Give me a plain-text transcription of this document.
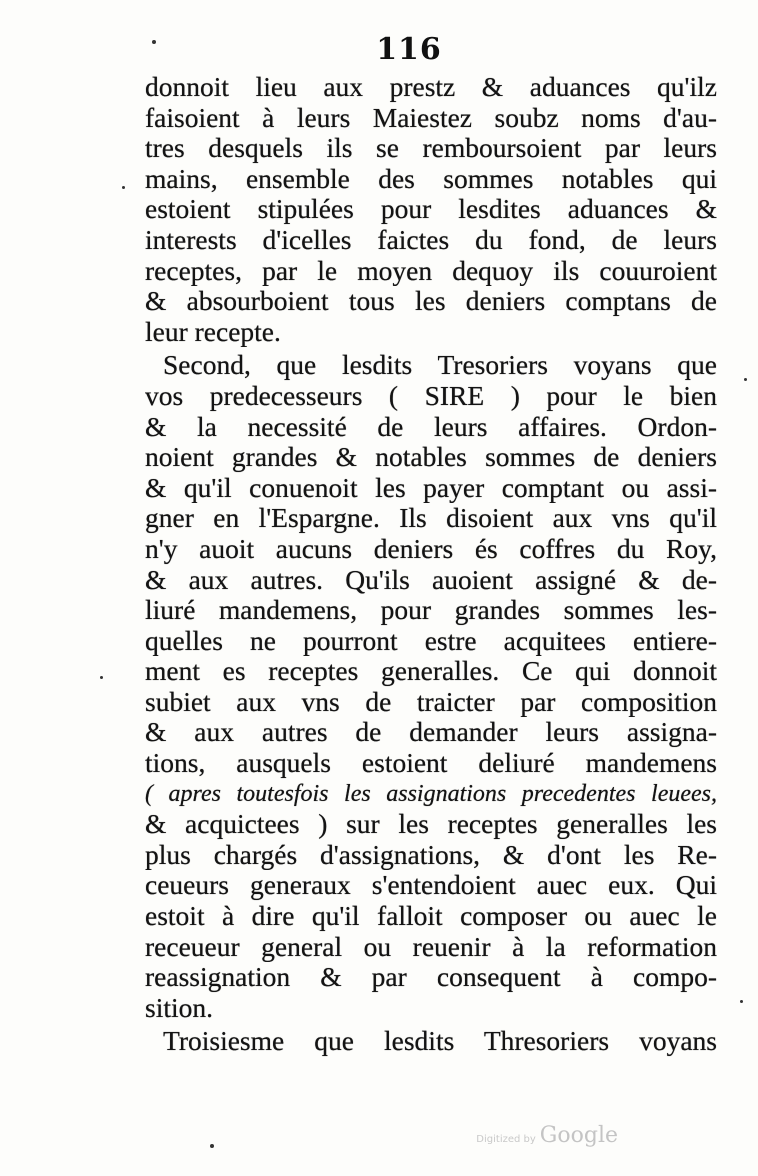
116
donnoit lieu aux prestz & aduances qu'ilz
faisoient à leurs Maiestez soubz noms d'au-
tres desquels ils se remboursoient par leurs
mains, ensemble des sommes notables qui
estoient stipulées pour lesdites aduances &
interests d'icelles faictes du fond, de leurs
receptes, par le moyen dequoy ils couuroient
& absourboient tous les deniers comptans de
leur recepte.
Second, que lesdits Tresoriers voyans que
vos predecesseurs ( SIRE ) pour le bien
& la necessité de leurs affaires. Ordon-
noient grandes & notables sommes de deniers
& qu'il conuenoit les payer comptant ou assi-
gner en l'Espargne. Ils disoient aux vns qu'il
n'y auoit aucuns deniers és coffres du Roy,
& aux autres. Qu'ils auoient assigné & de-
liuré mandemens, pour grandes sommes les-
quelles ne pourront estre acquitees entiere-
ment es receptes generalles. Ce qui donnoit
subiet aux vns de traicter par composition
& aux autres de demander leurs assigna-
tions, ausquels estoient deliuré mandemens
( apres toutesfois les assignations precedentes leuees,
& acquictees ) sur les receptes generalles les
plus chargés d'assignations, & d'ont les Re-
ceueurs generaux s'entendoient auec eux. Qui
estoit à dire qu'il falloit composer ou auec le
receueur general ou reuenir à la reformation
reassignation & par consequent à compo-
sition.
Troisiesme que lesdits Thresoriers voyans
Digitized by Google
